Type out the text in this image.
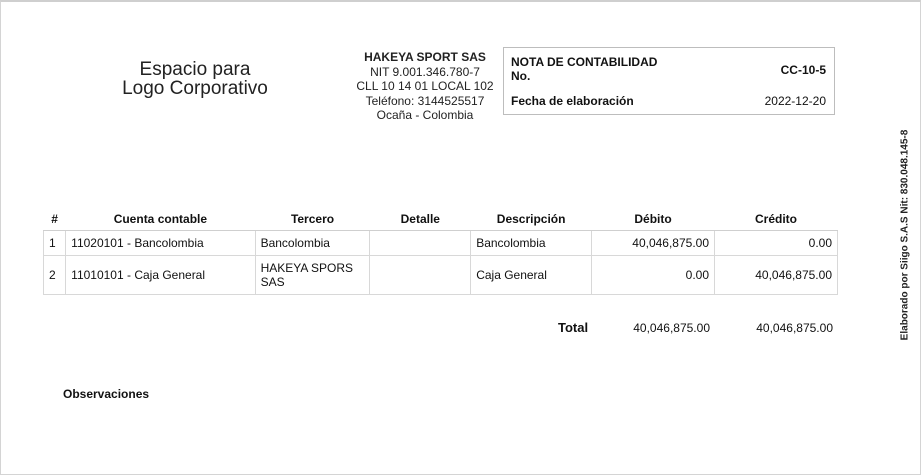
Espacio para
Logo Corporativo
HAKEYA SPORT SAS
NIT 9.001.346.780-7
CLL 10 14 01 LOCAL 102
Teléfono: 3144525517
Ocaña - Colombia
NOTA DE CONTABILIDAD
No.	CC-10-5
Fecha de elaboración	2022-12-20
Elaborado por Siigo S.A.S Nit: 830.048.145-8
#	Cuenta contable	Tercero	Detalle	Descripción	Débito	Crédito
1	11020101 - Bancolombia	Bancolombia		Bancolombia	40,046,875.00	0.00
2	11010101 - Caja General	HAKEYA SPORS SAS		Caja General	0.00	40,046,875.00
Total	40,046,875.00	40,046,875.00
Observaciones
